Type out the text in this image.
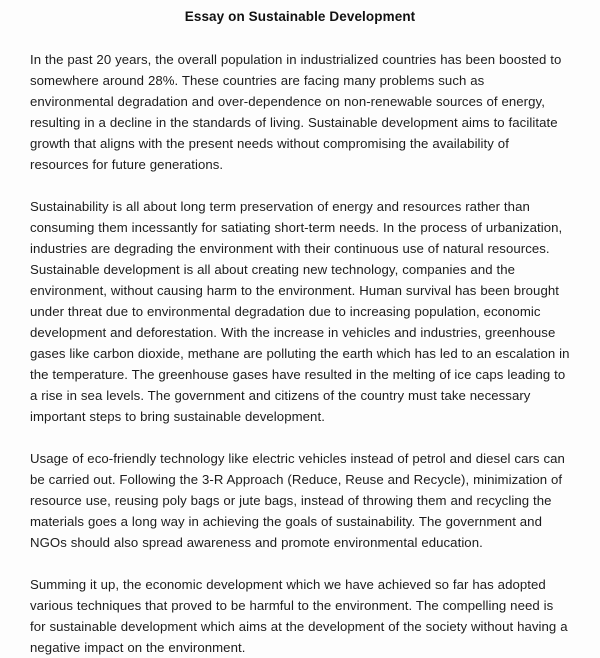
Essay on Sustainable Development

In the past 20 years, the overall population in industrialized countries has been boosted to somewhere around 28%. These countries are facing many problems such as environmental degradation and over-dependence on non-renewable sources of energy, resulting in a decline in the standards of living. Sustainable development aims to facilitate growth that aligns with the present needs without compromising the availability of resources for future generations.

Sustainability is all about long term preservation of energy and resources rather than consuming them incessantly for satiating short-term needs. In the process of urbanization, industries are degrading the environment with their continuous use of natural resources. Sustainable development is all about creating new technology, companies and the environment, without causing harm to the environment. Human survival has been brought under threat due to environmental degradation due to increasing population, economic development and deforestation. With the increase in vehicles and industries, greenhouse gases like carbon dioxide, methane are polluting the earth which has led to an escalation in the temperature. The greenhouse gases have resulted in the melting of ice caps leading to a rise in sea levels. The government and citizens of the country must take necessary important steps to bring sustainable development.

Usage of eco-friendly technology like electric vehicles instead of petrol and diesel cars can be carried out. Following the 3-R Approach (Reduce, Reuse and Recycle), minimization of resource use, reusing poly bags or jute bags, instead of throwing them and recycling the materials goes a long way in achieving the goals of sustainability. The government and NGOs should also spread awareness and promote environmental education.

Summing it up, the economic development which we have achieved so far has adopted various techniques that proved to be harmful to the environment. The compelling need is for sustainable development which aims at the development of the society without having a negative impact on the environment.
